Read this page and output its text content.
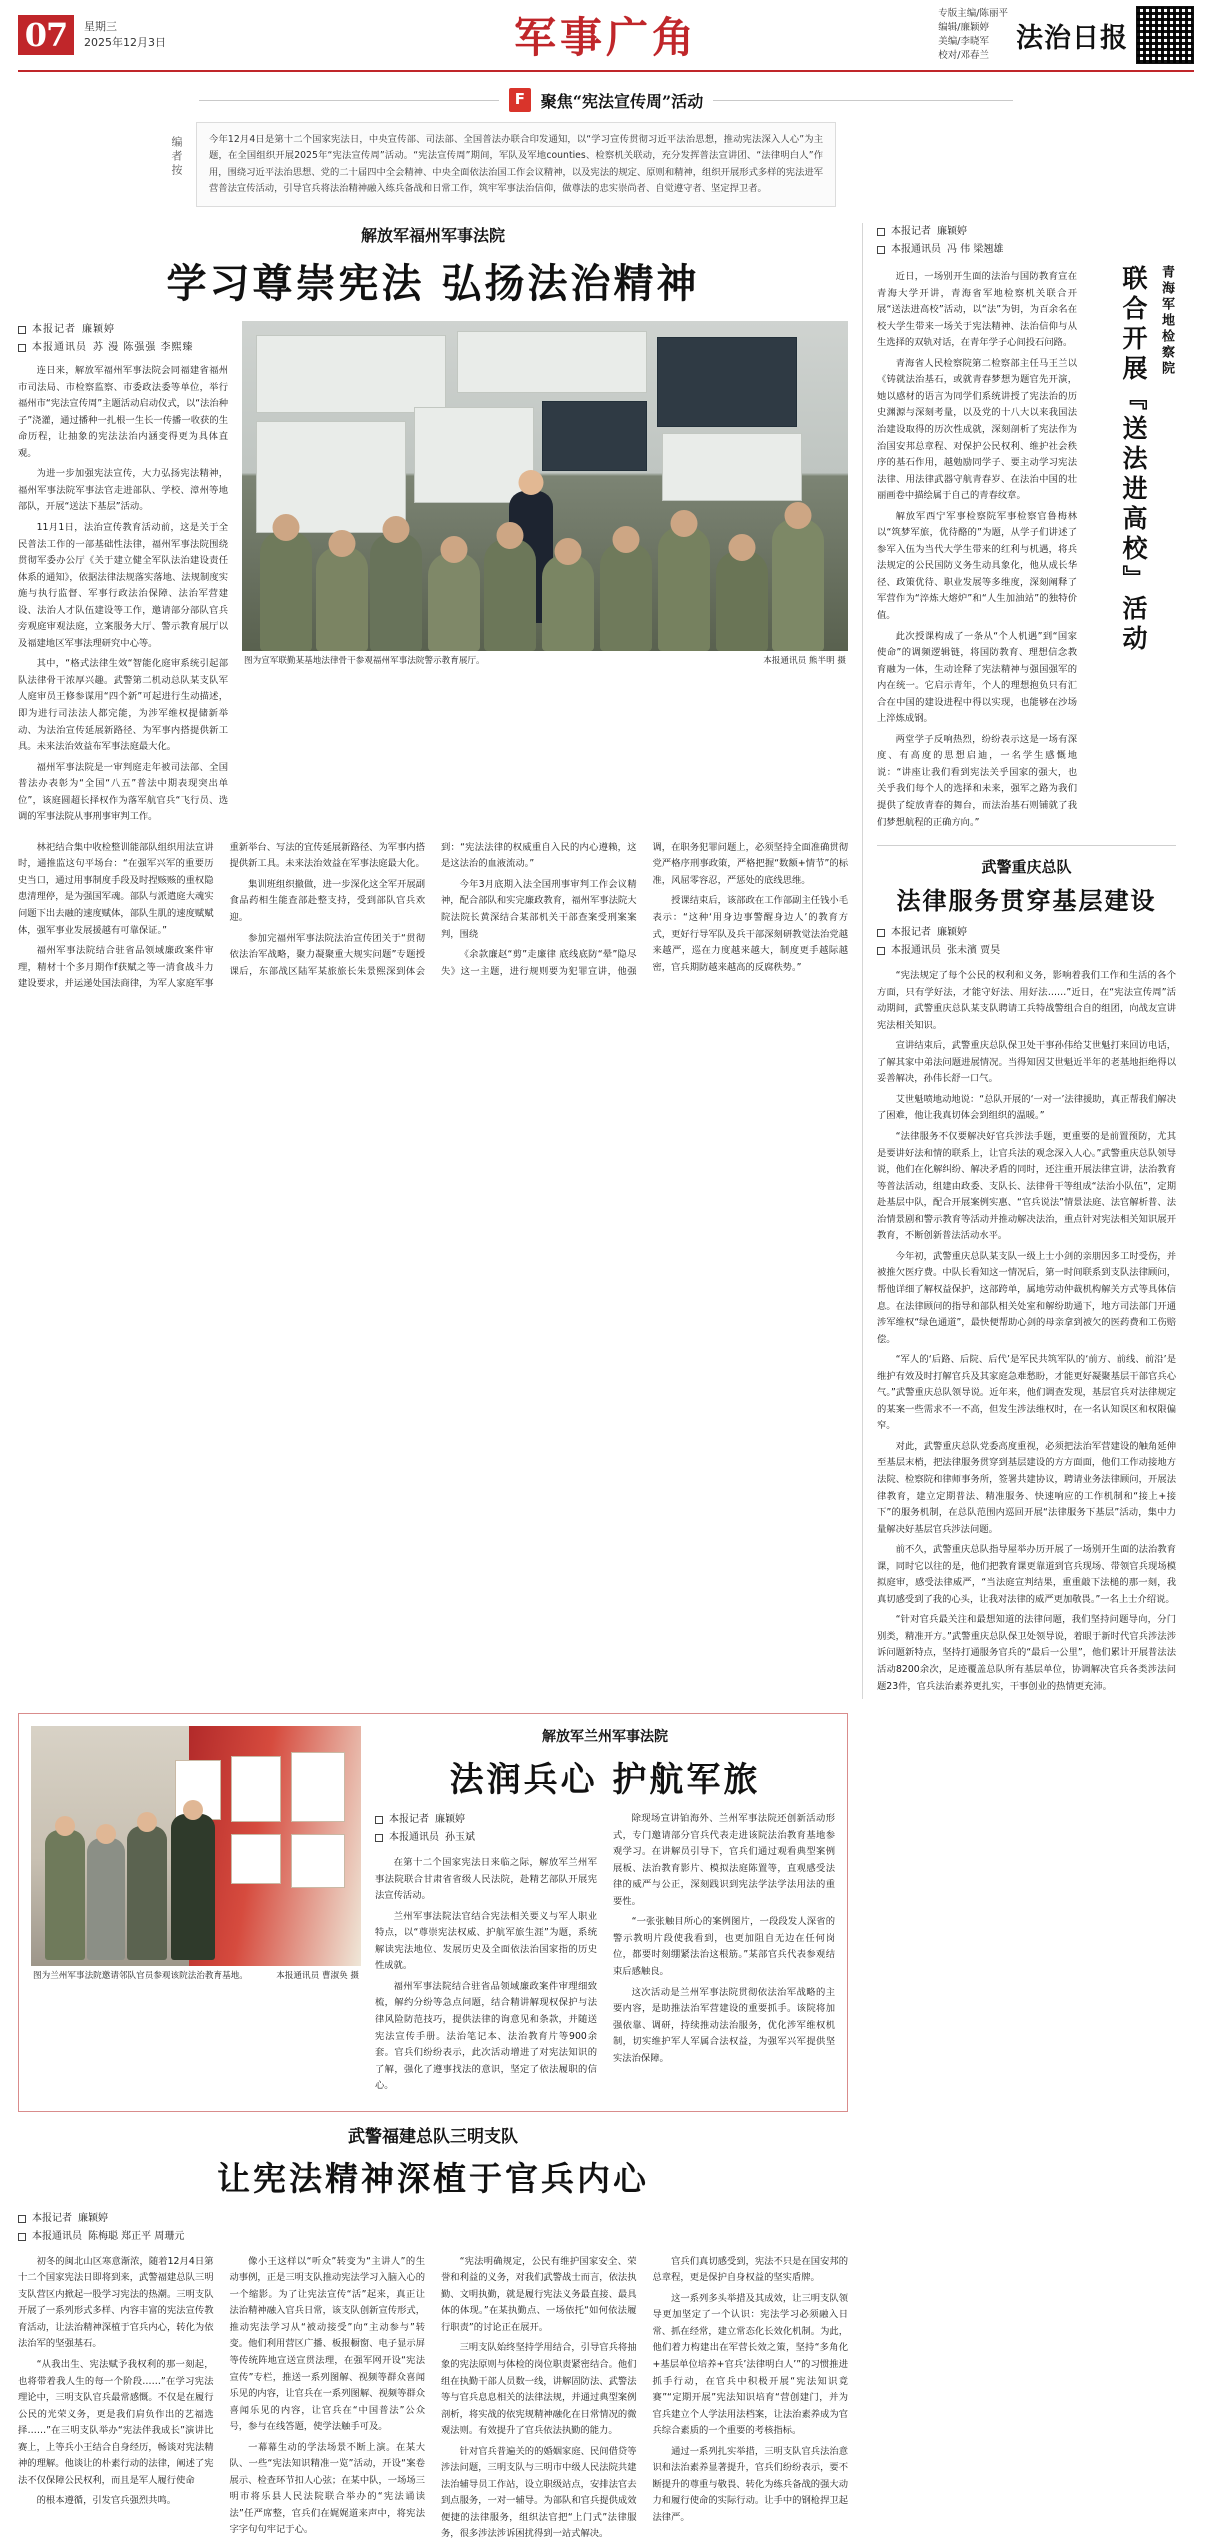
07	星期三
2025年12月3日	军事广角	专版主编/陈丽平
编辑/廉颖婷
美编/李晓军
校对/邓春兰
法治日报
F
聚焦“宪法宣传周”活动
编者按	今年12月4日是第十二个国家宪法日，中央宣传部、司法部、全国普法办联合印发通知，以“学习宣传贯彻习近平法治思想，推动宪法深入人心”为主题，在全国组织开展2025年“宪法宣传周”活动。“宪法宣传周”期间，军队及军地counties、检察机关联动，充分发挥普法宣讲团、“法律明白人”作用，围绕习近平法治思想、党的二十届四中全会精神、中央全面依法治国工作会议精神，以及宪法的规定、原则和精神，组织开展形式多样的宪法进军营普法宣传活动，引导官兵将法治精神融入练兵备战和日常工作，筑牢军事法治信仰，做尊法的忠实崇尚者、自觉遵守者、坚定捍卫者。
解放军福州军事法院
学习尊崇宪法 弘扬法治精神
本报记者 廉颖婷
本报通讯员 苏 漫 陈强强 李熙臻

连日来，解放军福州军事法院会同福建省福州市司法局、市检察监察、市委政法委等单位，举行福州市“宪法宣传周”主题活动启动仪式，以“法治种子”浇灌，通过播种一扎根一生长一传播一收获的生命历程，让抽象的宪法法治内涵变得更为具体直观。

为进一步加强宪法宣传，大力弘扬宪法精神，福州军事法院军事法官走进部队、学校、漳州等地部队，开展“送法下基层”活动。

11月1日，法治宣传教育活动前，这是关于全民普法工作的一部基础性法律，福州军事法院围绕贯彻军委办公厅《关于建立健全军队法治建设责任体系的通知》，依据法律法规落实落地、法规制度实施与执行监督、军事行政法治保障、法治军营建设、法治人才队伍建设等工作，邀请部分部队官兵旁观庭审观法庭，立案服务大厅、警示教育展厅以及福建地区军事法理研究中心等。

其中，“格式法律生效“智能化庭审系统引起部队法律骨干浓厚兴趣。武警第二机动总队某支队军人庭审员王修参谋用“四个新”可起进行生动描述，即为进行司法法人都完能，为涉军维权提储新举动、为法治宣传延展新路径、为军事内搭提供新工具。未来法治效益布军事法庭最大化。

福州军事法院是一审判庭走年被司法部、全国普法办表彰为“全国“八五”普法中期表现突出单位”，该庭圆超长择权作为落军航官兵“飞行员、选调的军事法院从事刑事审判工作。

图为宣军联勤某基地法律骨干参观福州军事法院警示教育展厅。	本报通讯员 熊半明 摄

林祀结合集中收检整训能部队组织用法宣讲时，通推监这句平场台：“在强军兴军的重要历史当口，通过用事制度手段及时捏赅赅的重权隐患清理停，是为强国军魂。部队与派遣庭大魂实问题下出去融的速度赋体，部队生肌的速度赋赋体，强军事业发展援越有可靠保证。”

福州军事法院结合驻省品领域廉政案件审理，精材十个多月期作f获赋之等一清食战斗力建设要求，并运递处国法商律，为军人家庭军事重新举台、写法的宜传延展新路径、为军事内搭提供新工具。未来法治效益在军事法庭最大化。

集训班组织撤做，进一步深化这全军开展副食品药相生能査部赴整支持，受到部队官兵欢迎。

参加完福州军事法院法治宣传团关于“贯彻依法治军战略，聚力凝聚重大规实问题”专题授课后，东部战区陆军某旅旅长朱景熙深到体会到：“宪法法律的权威重自入民的内心遵赖，这是这法治的血液流动。”

今年3月底期入法全国刑事审判工作会议精神，配合部队和实完廉政教育，福州军事法院大院法院长黄深结合某部机关干部查案受刑案案判，围绕

《余款廉赵“剪”走廉律 底线底防“晕”隐尽失》这一主题，进行规则要为犯罪宣讲，他强调，在职务犯罪问题上，必须坚持全面准确贯彻党严格序刑事政策，严格把握“数额+情节”的标准，风屈零容忍，严惩处的底线思维。

授课结束后，该部政在工作部副主任钱小毛表示：“这种‘用身边事警醒身边人’的教育方式，更好行导军队及兵干部深刻研教觉法治党越来越严，巡在力度越来越大，制度更手越际越密，官兵期防越来越高的反腐秩势。”

本报记者 廉颖婷
本报通讯员 冯 伟 梁翘雄
联合开展『送法进高校』活动 青海军地检察院

近日，一场别开生面的法治与国防教育宣在青海大学开讲，青海省军地检察机关联合开展“送法进高校”活动，以“法”为钥，为百余名在校大学生带来一场关于宪法精神、法治信仰与从生选择的双轨对话，在青年学子心间投石问路。

青海省人民检察院第二检察部主任马王兰以《铸就法治基石，或就青春梦想为题官先开演，她以感材的语言为同学们系统讲授了宪法治的历史渊源与深刻考量，以及党的十八大以来我国法治建设取得的历次性成就，深刻剖析了宪法作为治国安邦总章程、对保护公民权利、维护社会秩序的基石作用，越勉励同学子、要主动学习宪法法律、用法律武器守航青春岁、在法治中国的壮丽画卷中描绘属于自己的青春纹章。

解放军西宁军事检察院军事检察官鲁梅林以“筑梦军旅，优待酪的”为题，从学子们讲述了参军入伍为当代大学生带来的红利与机遇，将兵法规定的公民国防义务生动具象化，他从成长华径、政策优待、职业发展等多维度，深刻阐释了军营作为“淬炼大熔炉”和“人生加油站”的独特价值。

此次授课构成了一条从“个人机遇”到“国家使命”的调频逻辑链，将国防教育、理想信念教育融为一体，生动诠释了宪法精神与强国强军的内在统一。它启示青年，个人的理想抱负只有汇合在中国的建设进程中得以实现，也能够在沙场上淬炼成钢。

两堂学子反响热烈，纷纷表示这是一场有深度、有高度的思想启迪，一名学生感慨地说：“讲座让我们看到宪法关乎国家的强大，也关乎我们每个人的选择和未来，强军之路为我们提供了绽放青春的舞台，而法治基石则铺就了我们梦想航程的正确方向。”

武警重庆总队
法律服务贯穿基层建设
本报记者 廉颖婷
本报通讯员 张未濱 贾昊

“宪法规定了每个公民的权利和义务，影响着我们工作和生活的各个方面，只有学好法，才能守好法、用好法……”近日，在“宪法宣传周”活动期间，武警重庆总队某支队聘请工兵特战警组合自的组团，向战友宣讲宪法相关知识。

宣讲结束后，武警重庆总队保卫处干事孙伟给艾世魁打来回访电话，了解其家中弟法问题进展情况。当得知因艾世魁近半年的老基地拒绝得以妥善解决，孙伟长舒一口气。

艾世魁喷地动地说：“总队开展的‘一对一’法律援助，真正帮我们解决了困难，他让我真切体会到组织的温暖。”

“法律服务不仅要解决好官兵涉法手题，更重要的是前置预防，尤其是要讲好法和情的联系上，让官兵法的观念深入人心。”武警重庆总队领导说，他们在化解纠纷、解决矛盾的同时，还注重开展法律宣讲，法治教育等普法活动，组建由政委、支队长、法律骨干等组成“法治小队伍”，定期赴基层中队，配合开展案例实惠、“官兵说法”情景法庭、法官解析普、法治情景剧和警示教育等活动并推动解决法治，重点针对宪法相关知识展开教育，不断创新普法活动水平。

今年初，武警重庆总队某支队一级上士小剑的亲朋因多工时受伤，并被推欠医疗费。中队长看知这一情况后，第一时间联系到支队法律顾问，帮他详细了解权益保护，这部跨单，属地劳动仲裁机构解关方式等具体信息。在法律顾问的指导和部队相关处室和解纷助通下，地方司法部门开通涉军维权“绿色通道”，最快便帮助心剑的母亲拿到被欠的医药费和工伤赔偿。

“军人的‘后路、后院、后代’是军民共筑军队的‘前方、前线、前沿’是维护有效及时打解官兵及其家庭急难愁盼，才能更好凝聚基层干部官兵心气。”武警重庆总队领导说。近年来，他们调查发现，基层官兵对法律规定的某案一些需求不一不高，但发生涉法维权时，在一名认知误区和权限偏窄。

对此，武警重庆总队党委高度重视，必须把法治军营建设的触角延伸至基层末梢，把法律服务贯穿到基层建设的方方面面，他们工作动接地方法院、检察院和律师事务所，签署共建协议，聘请业务法律顾问，开展法律教育，建立定期普法、精准服务、快速响应的工作机制和“接上+接下”的服务机制，在总队范围内巡回开展“法律服务下基层”活动，集中力量解决好基层官兵涉法问题。

前不久，武警重庆总队指导屋举办历开展了一场别开生面的法治教育课，同时它以往的是，他们把教育课更靠道到官兵现场、带领官兵现场模拟庭审，感受法律威严，“当法庭宣判结果，重重敲下法槌的那一刻，我真切感受到了我的心头，让我对法律的威严更加敬畏。”一名上士介绍说。

“针对官兵最关注和最想知道的法律问题，我们坚持问题导向，分门别类，精准开方。”武警重庆总队保卫处领导说，着眼于新时代官兵涉法涉诉问题新特点，坚持打通服务官兵的“最后一公里”，他们累计开展普法法活动8200余次，足迹覆盖总队所有基层单位，协调解决官兵各类涉法问题23件，官兵法治素养更扎实，干事创业的热情更充沛。

图为兰州军事法院邀请邻队官员参观该院法治教育基地。	本报通讯员 曹淑奂 摄
解放军兰州军事法院
法润兵心 护航军旅
本报记者 廉颖婷
本报通讯员 孙玉斌

在第十二个国家宪法日来临之际，解放军兰州军事法院联合甘肃省省级人民法院，赴精艺部队开展宪法宣传活动。

兰州军事法院法官结合宪法相关要义与军人职业特点，以“尊崇宪法权威、护航军旅生涯”为题，系统解读宪法地位、发展历史及全面依法治国家指的历史性成就。

福州军事法院结合驻省品领域廉政案件审理细致梳，解约分纷等急点问题，结合精讲解现权保护与法律风险防范技巧，提供法律的询意见和条款，并随送宪法宣传手册。法治笔记本、法治教育片等900余套。官兵们纷纷表示，此次活动增进了对宪法知识的了解，强化了遵事找法的意识，坚定了依法履职的信心。

除现场宣讲铂海外、兰州军事法院还创新活动形式，专门邀请部分官兵代表走进该院法治教育基地参观学习。在讲解员引导下，官兵们通过观看典型案例展板、法治教育影片、模拟法庭陈置等，直观感受法律的威严与公正，深刻践识到宪法学法学法用法的重要性。

“一张张触目所心的案例图片，一段段发人深省的警示教明片段使我看到，也更加阻自无边在任何岗位，都要时刻绷紧法治这根筋。”某部官兵代表参观结束后感触良。

这次活动是兰州军事法院贯彻依法治军战略的主要内容，是助推法治军营建设的重要抓手。该院将加强依靠、调研，持续推动法治服务，优化涉军维权机制，切实维护军人军属合法权益，为强军兴军提供坚实法治保障。

武警福建总队三明支队
让宪法精神深植于官兵内心
本报记者 廉颖婷
本报通讯员 陈梅聪 郑正平 周珊元

初冬的闽北山区寒意渐浓，随着12月4日第十二个国家宪法日即将到来，武警福建总队三明支队营区内掀起一股学习宪法的热潮。三明支队开展了一系列形式多样、内容丰富的宪法宣传教育活动，让法治精神深植于官兵内心，转化为依法治军的坚强基石。

“从我出生、宪法赋予我权利的那一刻起，也将带着我人生的每一个阶段……”在学习宪法理论中，三明支队官兵最常感慨。不仅是在履行公民的光荣义务，更是我们肩负作出的艺福选择……”在三明支队举办“宪法伴我成长”演讲比赛上，上等兵小王结合自身经历，畅谈对宪法精神的理解。他谈让的朴素行动的法律，阐述了宪法不仅保障公民权利，而且是军人履行使命

的根本遵循，引发官兵强烈共鸣。

像小王这样以“听众”转变为“主讲人”的生动事例，正是三明支队推动宪法学习入脑入心的一个缩影。为了让宪法宣传“活”起来，真正让法治精神融入官兵日常，该支队创新宣传形式，推动宪法学习从“被动接受”向“主动参与”转变。他们利用营区广播、板报橱窗、电子显示屏等传统阵地宣送宣贯法理，在强军网开设“宪法宣传”专栏，推送一系列图解、视频等群众喜闻乐见的内容，让官兵在一系列图解、视频等群众喜闻乐见的内容，让官兵在“中国普法”公众号，参与在线答题，使学法触手可及。

一幕幕生动的学法场景不断上演。在某大队、一些“宪法知识精准一览”活动，开设“案卷展示、检查环节扣人心弦；在某中队，一场场三明市将乐县人民法院联合举办的“宪法诵读法”任严席整，官兵们在娓娓道来声中，将宪法字字句句牢记于心。

“宪法明确规定，公民有维护国家安全、荣誉和利益的义务，对我们武警战士而言，依法执勤、文明执勤，就是履行宪法义务最直接、最具体的体现。”在某执勤点、一场依托“如何依法履行职责”的讨论正在展开。

三明支队始终坚持学用结合，引导官兵将抽象的宪法原则与体检的岗位职责紧密结合。他们组在执勤干部人员数一线，讲解固防法、武警法等与官兵息息相关的法律法规，并通过典型案例剖析，将实战的依宪规精神融化在日常情况的微观法则。有效提升了官兵依法执勤的能力。

针对官兵普遍关的的婚姻家庭、民间借贷等涉法问题，三明支队与三明市中级人民法院共建法治辅导员工作站，设立职级站点，安排法官去到点服务，一对一辅导。为部队和官兵提供成效便捷的法律服务，组织法官把“上门式”法律服务，很多涉法涉诉困扰得到一站式解决。

官兵们真切感受到，宪法不只是在国安邦的总章程，更是保护自身权益的坚实盾牌。

这一系列多头举措及其成效，让三明支队领导更加坚定了一个认识：宪法学习必须融入日常、抓在经常，建立常态化长效化机制。为此，他们着力构建出在军营长效之策，坚持“多角化+基层单位培养+官兵’法律明白人’”的习惯推进抓手行动，在官兵中积极开展“宪法知识竟赛”“定期开展”宪法知识培育“营创建门，并为官兵建立个人学法用法档案，让法治素养成为官兵综合素质的一个重要的考核指标。

通过一系列扎实举措，三明支队官兵法治意识和法治素养显著提升，官兵们纷纷表示，要不断提升的尊重与敬畏、转化为练兵备战的强大动力和履行使命的实际行动。让手中的钢枪捍卫起法律严。
